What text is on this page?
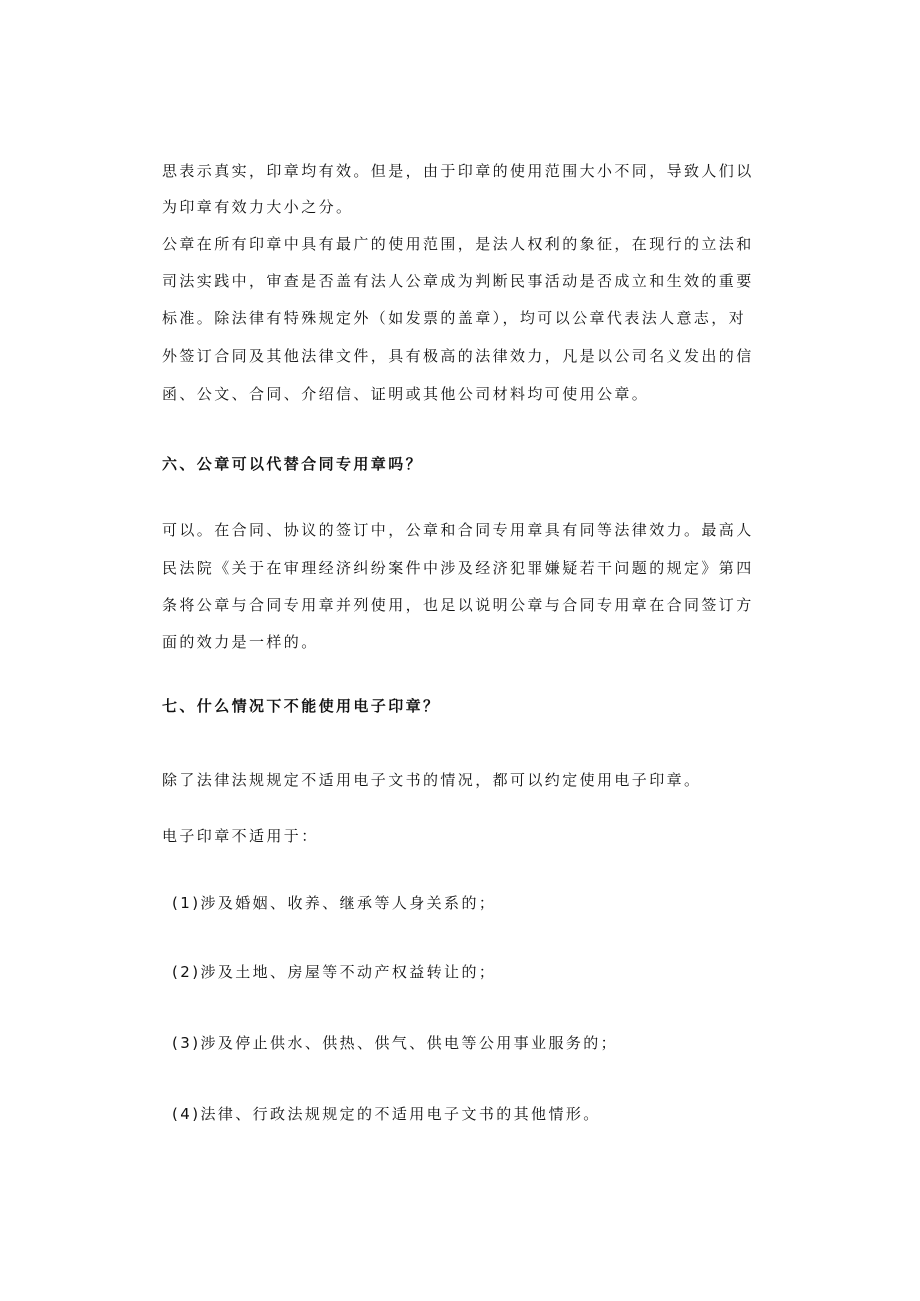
思表示真实，印章均有效。但是，由于印章的使用范围大小不同，导致人们以
为印章有效力大小之分。
公章在所有印章中具有最广的使用范围，是法人权利的象征，在现行的立法和
司法实践中，审查是否盖有法人公章成为判断民事活动是否成立和生效的重要
标准。除法律有特殊规定外（如发票的盖章），均可以公章代表法人意志，对
外签订合同及其他法律文件，具有极高的法律效力，凡是以公司名义发出的信
函、公文、合同、介绍信、证明或其他公司材料均可使用公章。
六、公章可以代替合同专用章吗？
可以。在合同、协议的签订中，公章和合同专用章具有同等法律效力。最高人
民法院《关于在审理经济纠纷案件中涉及经济犯罪嫌疑若干问题的规定》第四
条将公章与合同专用章并列使用，也足以说明公章与合同专用章在合同签订方
面的效力是一样的。
七、什么情况下不能使用电子印章？
除了法律法规规定不适用电子文书的情况，都可以约定使用电子印章。
电子印章不适用于：
(1)涉及婚姻、收养、继承等人身关系的；
(2)涉及土地、房屋等不动产权益转让的；
(3)涉及停止供水、供热、供气、供电等公用事业服务的；
(4)法律、行政法规规定的不适用电子文书的其他情形。
